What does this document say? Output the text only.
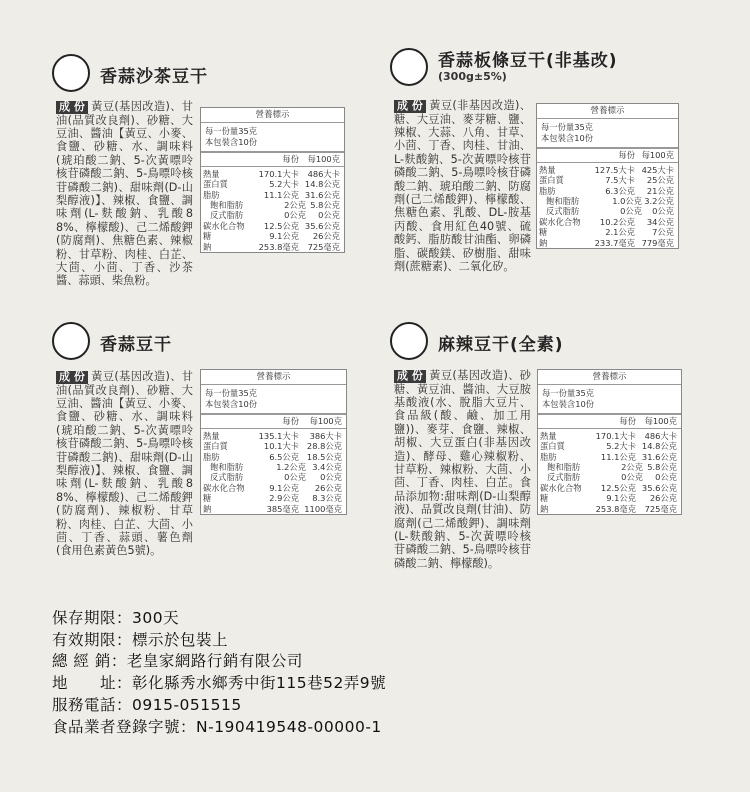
香蒜沙茶豆干

成 份 黃豆(基因改造)、甘油(品質改良劑)、砂糖、大豆油、醬油【黃豆、小麥、食鹽、砂糖、水、調味料(琥珀酸二鈉、5-次黃嘌呤核苷磷酸二鈉、5-鳥嘌呤核苷磷酸二鈉)、甜味劑(D-山梨醇液)】、辣椒、食鹽、調味劑(L-麩酸鈉、乳酸88%、檸檬酸)、己二烯酸鉀(防腐劑)、焦糖色素、辣椒粉、甘草粉、肉桂、白芷、大茴、小茴、丁香、沙茶醬、蒜頭、柴魚粉。

營養標示
每一份量35克
本包裝含10份
每份	每100克
熱量	170.1大卡	486大卡
蛋白質	5.2大卡 14.8公克
脂肪	11.1公克 31.6公克
飽和脂肪	2公克 5.8公克
反式脂肪	0公克	0公克
碳水化合物	12.5公克 35.6公克
糖	9.1公克	26公克
鈉	253.8毫克	725毫克
香蒜板條豆干(非基改)
(300g±5%)

成 份 黃豆(非基因改造)、糖、大豆油、麥芽糖、鹽、辣椒、大蒜、八角、甘草、小茴、丁香、肉桂、甘油、L-麩酸鈉、5-次黃嘌呤核苷磷酸二鈉、5-鳥嘌呤核苷磷酸二鈉、琥珀酸二鈉、防腐劑(己二烯酸鉀)、檸檬酸、焦糖色素、乳酸、DL-胺基丙酸、食用紅色40號、硫酸鈣、脂肪酸甘油酯、卵磷脂、碳酸鎂、矽樹脂、甜味劑(蔗糖素)、二氧化矽。

營養標示
每一份量35克
本包裝含10份
每份 每100克
熱量	127.5大卡 425大卡
蛋白質	7.5大卡	25公克
脂肪	6.3公克	21公克
飽和脂肪	1.0公克 3.2公克
反式脂肪	0公克	0公克
碳水化合物	10.2公克	34公克
糖	2.1公克	7公克
鈉	233.7毫克 779毫克
香蒜豆干

成 份 黃豆(基因改造)、甘油(品質改良劑)、砂糖、大豆油、醬油【黃豆、小麥、食鹽、砂糖、水、調味料(琥珀酸二鈉、5-次黃嘌呤核苷磷酸二鈉、5-鳥嘌呤核苷磷酸二鈉)、甜味劑(D-山梨醇液)】、辣椒、食鹽、調味劑(L-麩酸鈉、乳酸88%、檸檬酸)、己二烯酸鉀(防腐劑)、辣椒粉、甘草粉、肉桂、白芷、大茴、小茴、丁香、蒜頭、薯色劑(食用色素黃色5號)。

營養標示
每一份量35克
本包裝含10份
每份	每100克
熱量	135.1大卡	386大卡
蛋白質	10.1大卡 28.8公克
脂肪	6.5公克 18.5公克
飽和脂肪	1.2公克 3.4公克
反式脂肪	0公克	0公克
碳水化合物	9.1公克	26公克
糖	2.9公克	8.3公克
鈉	385毫克 1100毫克
麻辣豆干(全素)

成 份 黃豆(基因改造)、砂糖、黃豆油、醬油、大豆胺基酸液(水、脫脂大豆片、食品級(酸、鹼、加工用鹽))、麥芽、食鹽、辣椒、胡椒、大豆蛋白(非基因改造)、酵母、雞心辣椒粉、甘草粉、辣椒粉、大茴、小茴、丁香、肉桂、白芷。食品添加物:甜味劑(D-山梨醇液)、品質改良劑(甘油)、防腐劑(己二烯酸鉀)、調味劑(L-麩酸鈉、5-次黃嘌呤核苷磷酸二鈉、5-鳥嘌呤核苷磷酸二鈉、檸檬酸)。

營養標示
每一份量35克
本包裝含10份
每份	每100克
熱量	170.1大卡	486大卡
蛋白質	5.2大卡 14.8公克
脂肪	11.1公克 31.6公克
飽和脂肪	2公克 5.8公克
反式脂肪	0公克	0公克
碳水化合物	12.5公克 35.6公克
糖	9.1公克	26公克
鈉	253.8毫克	725毫克
保存期限：300天
有效期限：標示於包裝上
總 經 銷：老皇家網路行銷有限公司
地　　址：彰化縣秀水鄉秀中街115巷52弄9號
服務電話：0915-051515
食品業者登錄字號：N-190419548-00000-1
